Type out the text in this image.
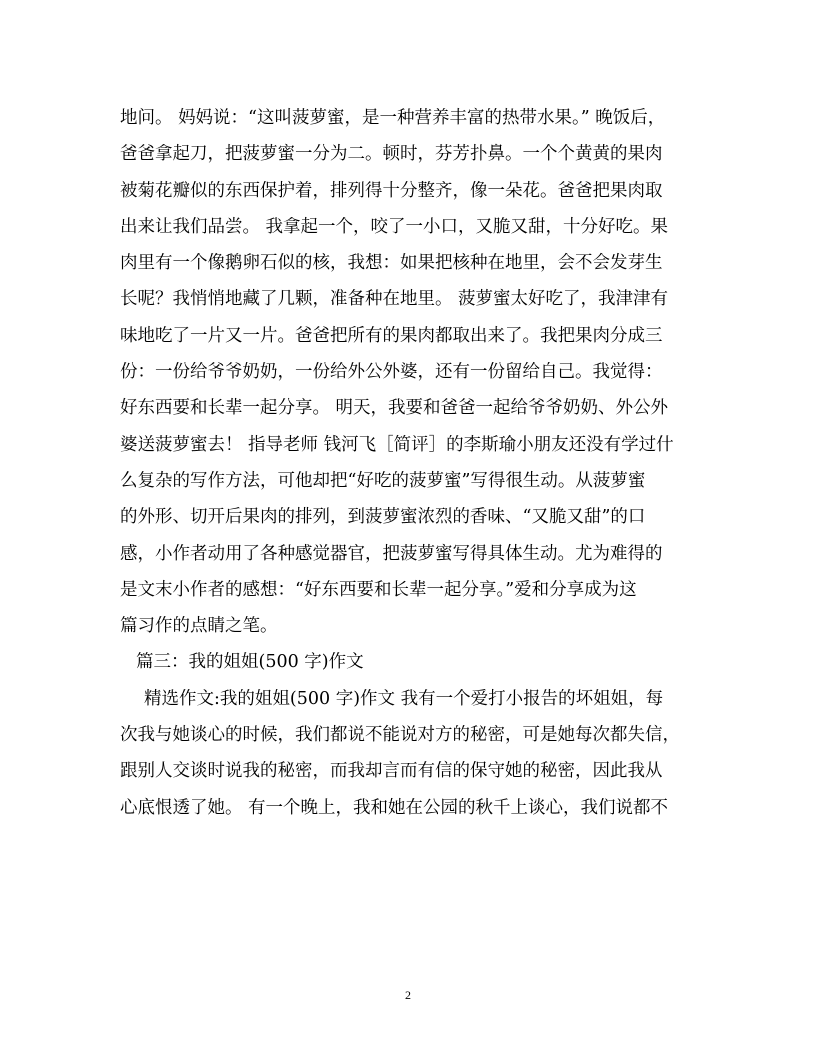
地问。 妈妈说：“这叫菠萝蜜，是一种营养丰富的热带水果。” 晚饭后，
爸爸拿起刀，把菠萝蜜一分为二。顿时，芬芳扑鼻。一个个黄黄的果肉
被菊花瓣似的东西保护着，排列得十分整齐，像一朵花。爸爸把果肉取
出来让我们品尝。 我拿起一个，咬了一小口，又脆又甜，十分好吃。果
肉里有一个像鹅卵石似的核，我想：如果把核种在地里，会不会发芽生
长呢？我悄悄地藏了几颗，准备种在地里。 菠萝蜜太好吃了，我津津有
味地吃了一片又一片。爸爸把所有的果肉都取出来了。我把果肉分成三
份：一份给爷爷奶奶，一份给外公外婆，还有一份留给自己。我觉得：
好东西要和长辈一起分享。 明天，我要和爸爸一起给爷爷奶奶、外公外
婆送菠萝蜜去！ 指导老师 钱河飞［简评］的李斯瑜小朋友还没有学过什
么复杂的写作方法，可他却把“好吃的菠萝蜜”写得很生动。从菠萝蜜
的外形、切开后果肉的排列，到菠萝蜜浓烈的香味、“又脆又甜”的口
感，小作者动用了各种感觉器官，把菠萝蜜写得具体生动。尤为难得的
是文末小作者的感想：“好东西要和长辈一起分享。”爱和分享成为这
篇习作的点睛之笔。
篇三：我的姐姐(500 字)作文
精选作文:我的姐姐(500 字)作文 我有一个爱打小报告的坏姐姐，每
次我与她谈心的时候，我们都说不能说对方的秘密，可是她每次都失信，
跟别人交谈时说我的秘密，而我却言而有信的保守她的秘密，因此我从
心底恨透了她。 有一个晚上，我和她在公园的秋千上谈心，我们说都不
2
